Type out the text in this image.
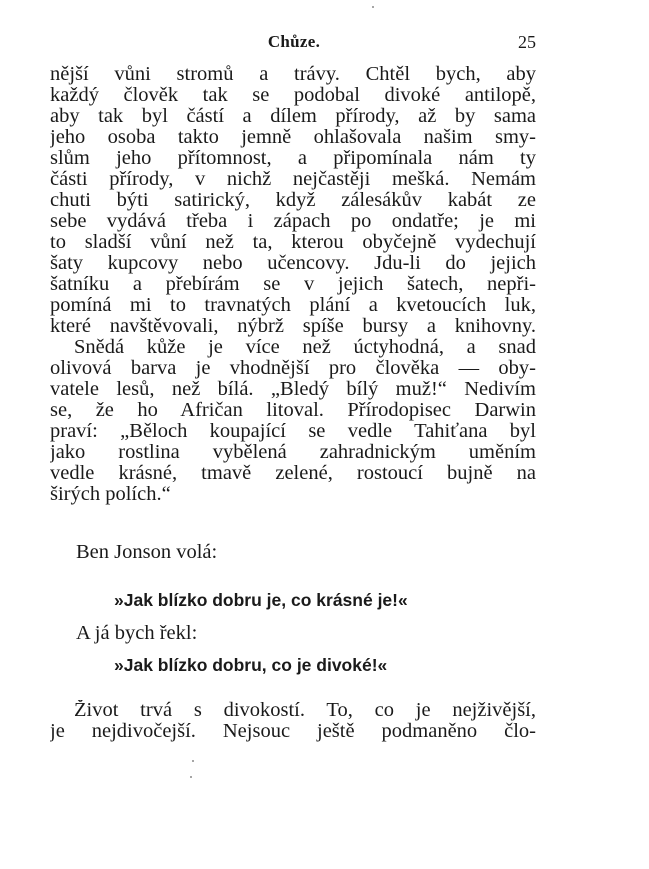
Chůze.	25
nější vůni stromů a trávy. Chtěl bych, aby
každý člověk tak se podobal divoké antilopě,
aby tak byl částí a dílem přírody, až by sama
jeho osoba takto jemně ohlašovala našim smy-
slům jeho přítomnost, a připomínala nám ty
části přírody, v nichž nejčastěji mešká. Nemám
chuti býti satirický, když zálesákův kabát ze
sebe vydává třeba i zápach po ondatře; je mi
to sladší vůní než ta, kterou obyčejně vydechují
šaty kupcovy nebo učencovy. Jdu-li do jejich
šatníku a přebírám se v jejich šatech, nepři-
pomíná mi to travnatých plání a kvetoucích luk,
které navštěvovali, nýbrž spíše bursy a knihovny.
Snědá kůže je více než úctyhodná, a snad
olivová barva je vhodnější pro člověka — oby-
vatele lesů, než bílá. „Bledý bílý muž!“ Nedivím
se, že ho Afričan litoval. Přírodopisec Darwin
praví: „Běloch koupající se vedle Tahiťana byl
jako rostlina vybělená zahradnickým uměním
vedle krásné, tmavě zelené, rostoucí bujně na
širých polích.“
Ben Jonson volá:
»Jak blízko dobru je, co krásné je!«
A já bych řekl:
»Jak blízko dobru, co je divoké!«
Život trvá s divokostí. To, co je nejživější,
je nejdivočejší. Nejsouc ještě podmaněno člo-
